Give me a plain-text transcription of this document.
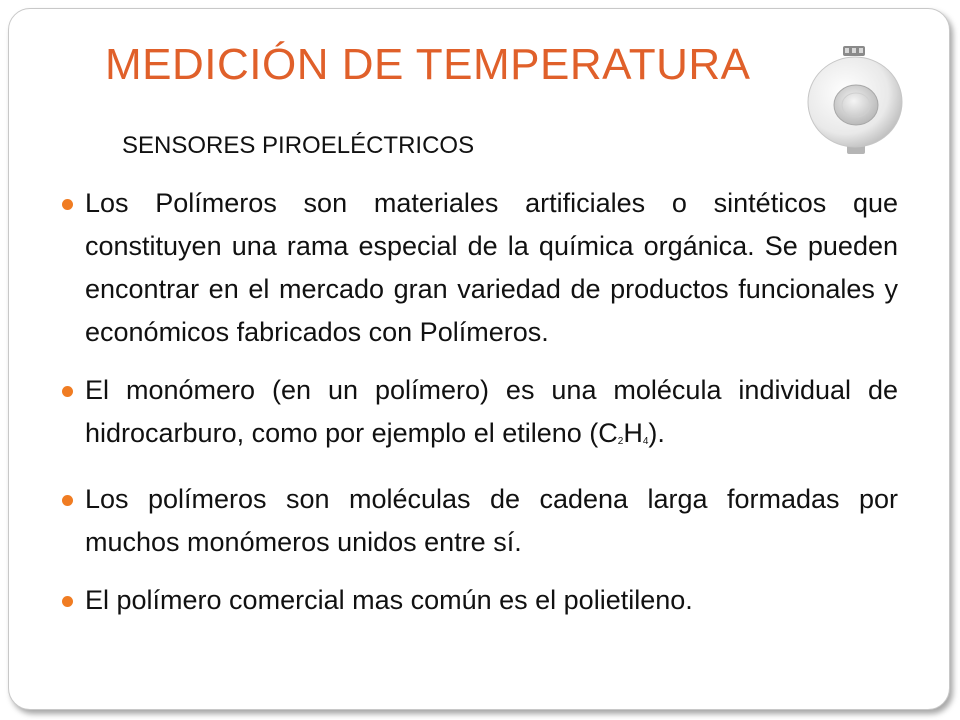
MEDICIÓN DE TEMPERATURA
SENSORES PIROELÉCTRICOS
Los Polímeros son materiales artificiales o sintéticos que constituyen una rama especial de la química orgánica. Se pueden encontrar en el mercado gran variedad de productos funcionales y económicos fabricados con Polímeros.
El monómero (en un polímero) es una molécula individual de hidrocarburo, como por ejemplo el etileno $(C_2H_4)$.
Los polímeros son moléculas de cadena larga formadas por muchos monómeros unidos entre sí.
El polímero comercial mas común es el polietileno.
